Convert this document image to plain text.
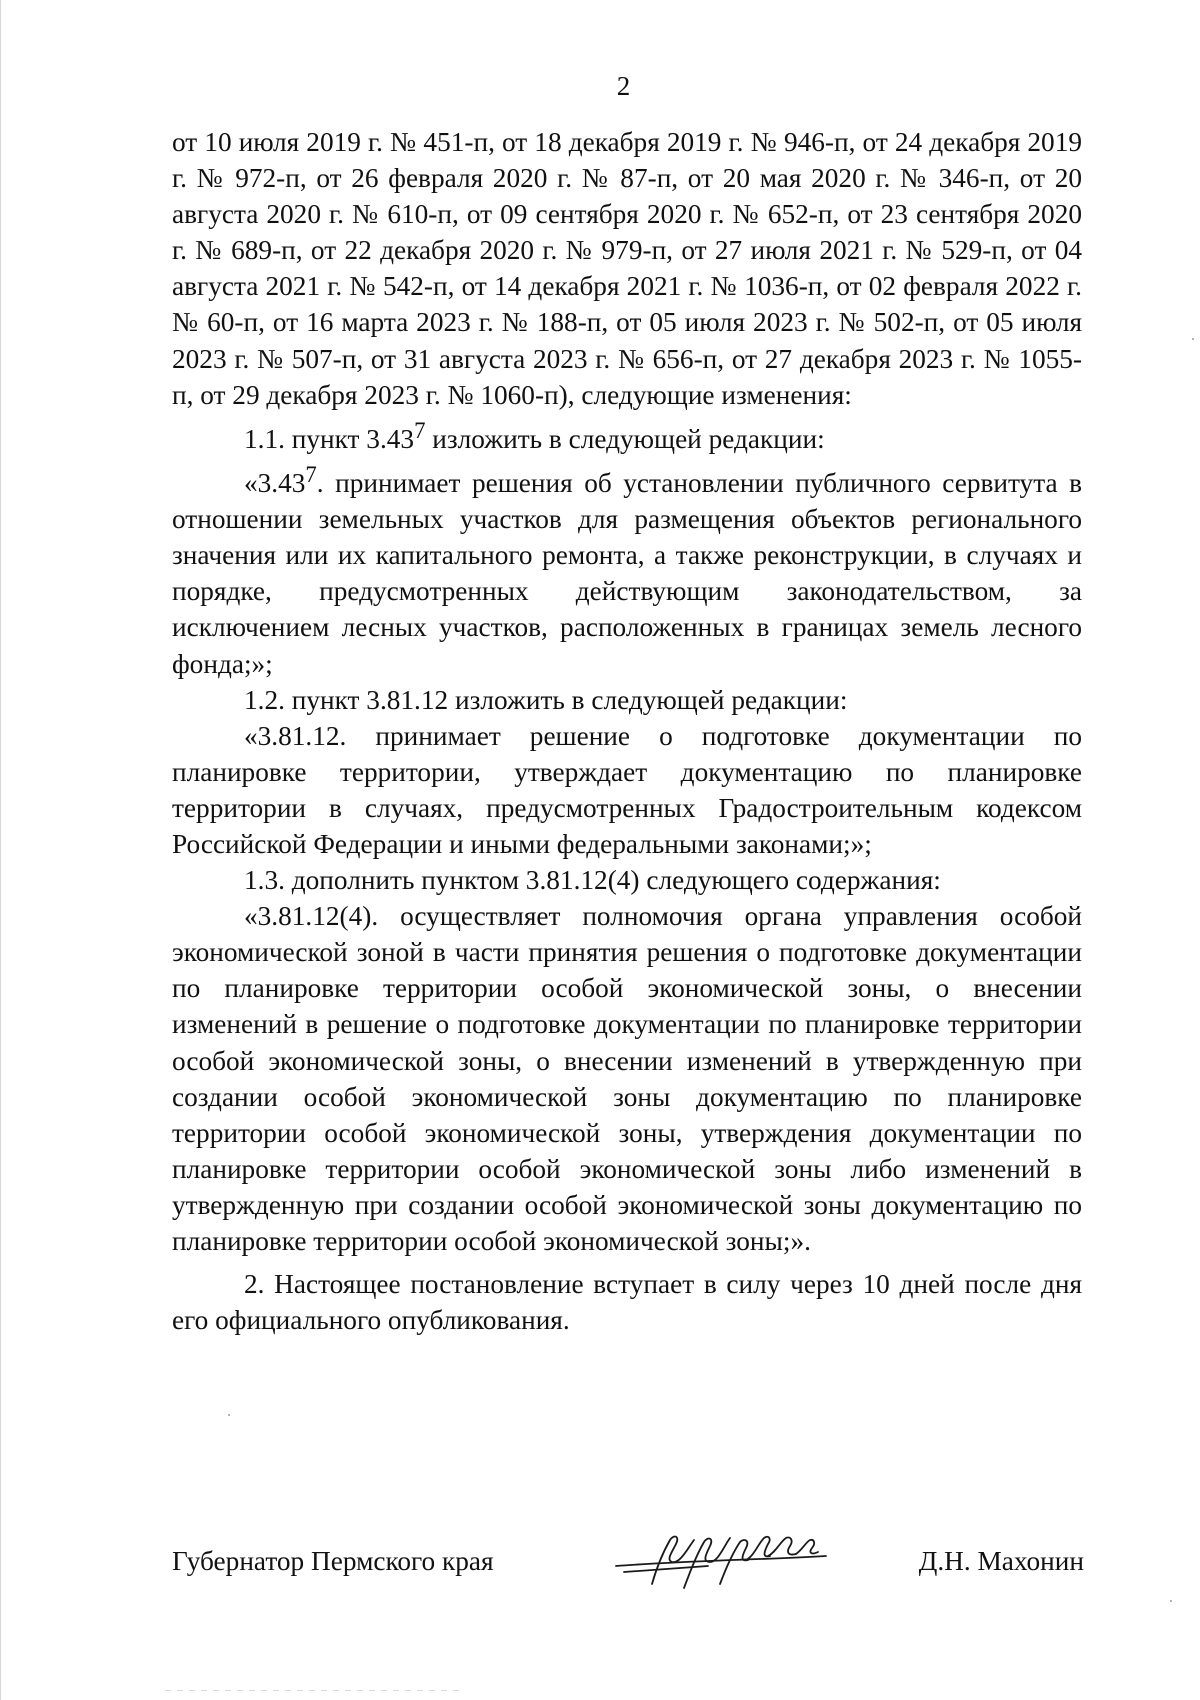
2

от 10 июля 2019 г. № 451-п, от 18 декабря 2019 г. № 946-п, от 24 декабря 2019 г. № 972-п, от 26 февраля 2020 г. № 87-п, от 20 мая 2020 г. № 346-п, от 20 августа 2020 г. № 610-п, от 09 сентября 2020 г. № 652-п, от 23 сентября 2020 г. № 689-п, от 22 декабря 2020 г. № 979-п, от 27 июля 2021 г. № 529-п, от 04 августа 2021 г. № 542-п, от 14 декабря 2021 г. № 1036-п, от 02 февраля 2022 г. № 60-п, от 16 марта 2023 г. № 188-п, от 05 июля 2023 г. № 502-п, от 05 июля 2023 г. № 507-п, от 31 августа 2023 г. № 656-п, от 27 декабря 2023 г. № 1055-п, от 29 декабря 2023 г. № 1060-п), следующие изменения:

1.1. пункт 3.43$^7$ изложить в следующей редакции:

«3.43$^7$. принимает решения об установлении публичного сервитута в отношении земельных участков для размещения объектов регионального значения или их капитального ремонта, а также реконструкции, в случаях и порядке, предусмотренных действующим законодательством, за исключением лесных участков, расположенных в границах земель лесного фонда;»;

1.2. пункт 3.81.12 изложить в следующей редакции:

«3.81.12. принимает решение о подготовке документации по планировке территории, утверждает документацию по планировке территории в случаях, предусмотренных Градостроительным кодексом Российской Федерации и иными федеральными законами;»;

1.3. дополнить пунктом 3.81.12(4) следующего содержания:

«3.81.12(4). осуществляет полномочия органа управления особой экономической зоной в части принятия решения о подготовке документации по планировке территории особой экономической зоны, о внесении изменений в решение о подготовке документации по планировке территории особой экономической зоны, о внесении изменений в утвержденную при создании особой экономической зоны документацию по планировке территории особой экономической зоны, утверждения документации по планировке территории особой экономической зоны либо изменений в утвержденную при создании особой экономической зоны документацию по планировке территории особой экономической зоны;».

2. Настоящее постановление вступает в силу через 10 дней после дня его официального опубликования.

Губернатор Пермского края	Д.Н. Махонин
